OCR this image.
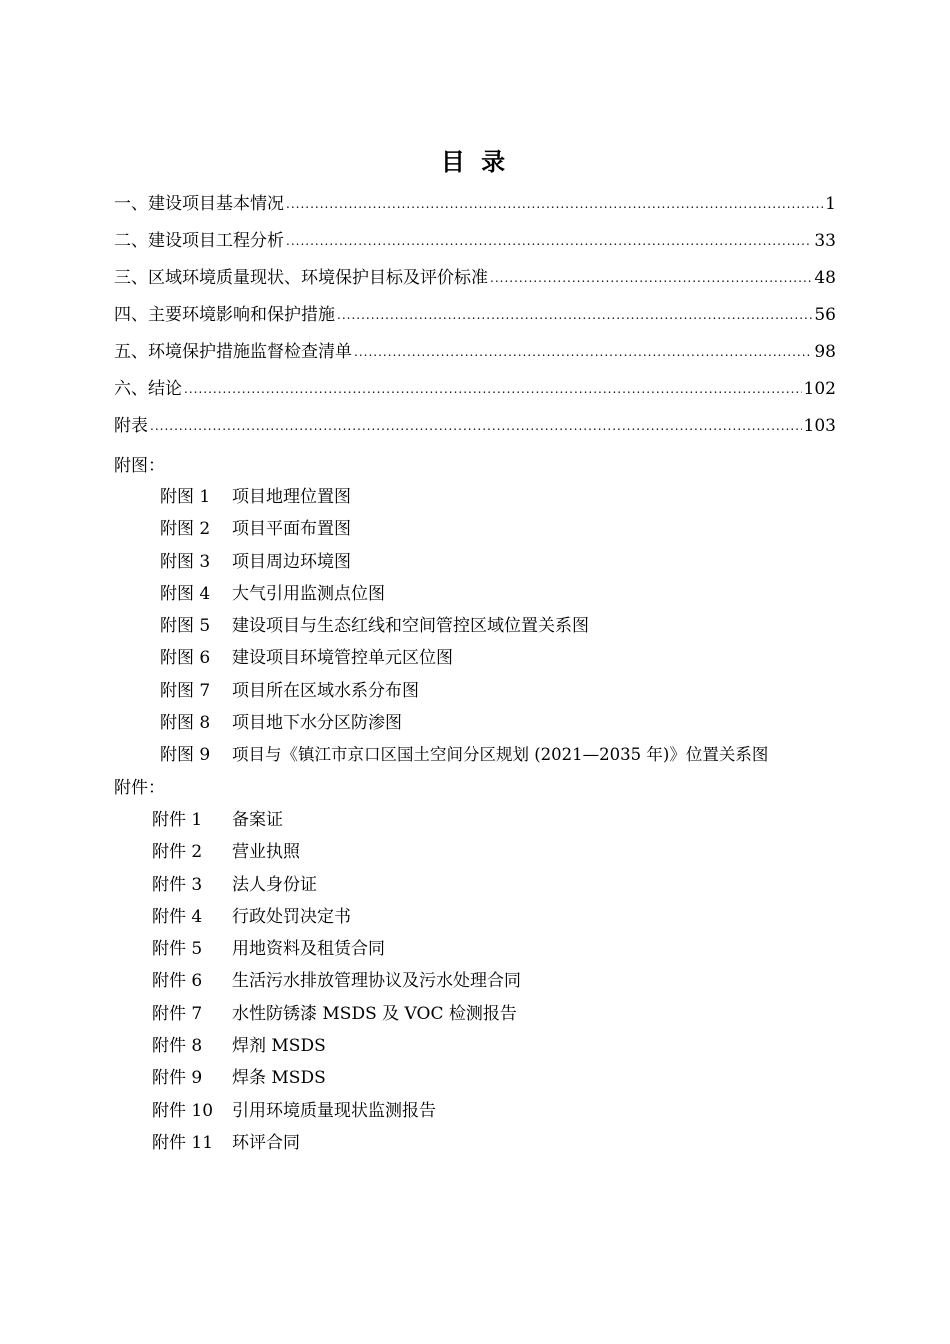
目 录
一、建设项目基本情况 .....	1
二、建设项目工程分析 .....	33
三、区域环境质量现状、环境保护目标及评价标准 .....	48
四、主要环境影响和保护措施 .....	56
五、环境保护措施监督检查清单 .....	98
六、结论 .....	102
附表 .....	103
附图：
附图 1	项目地理位置图
附图 2	项目平面布置图
附图 3	项目周边环境图
附图 4	大气引用监测点位图
附图 5	建设项目与生态红线和空间管控区域位置关系图
附图 6	建设项目环境管控单元区位图
附图 7	项目所在区域水系分布图
附图 8	项目地下水分区防渗图
附图 9	项目与《镇江市京口区国土空间分区规划 (2021—2035 年)》位置关系图
附件：
附件 1	备案证
附件 2	营业执照
附件 3	法人身份证
附件 4	行政处罚决定书
附件 5	用地资料及租赁合同
附件 6	生活污水排放管理协议及污水处理合同
附件 7	水性防锈漆 MSDS 及 VOC 检测报告
附件 8	焊剂 MSDS
附件 9	焊条 MSDS
附件 10	引用环境质量现状监测报告
附件 11	环评合同
